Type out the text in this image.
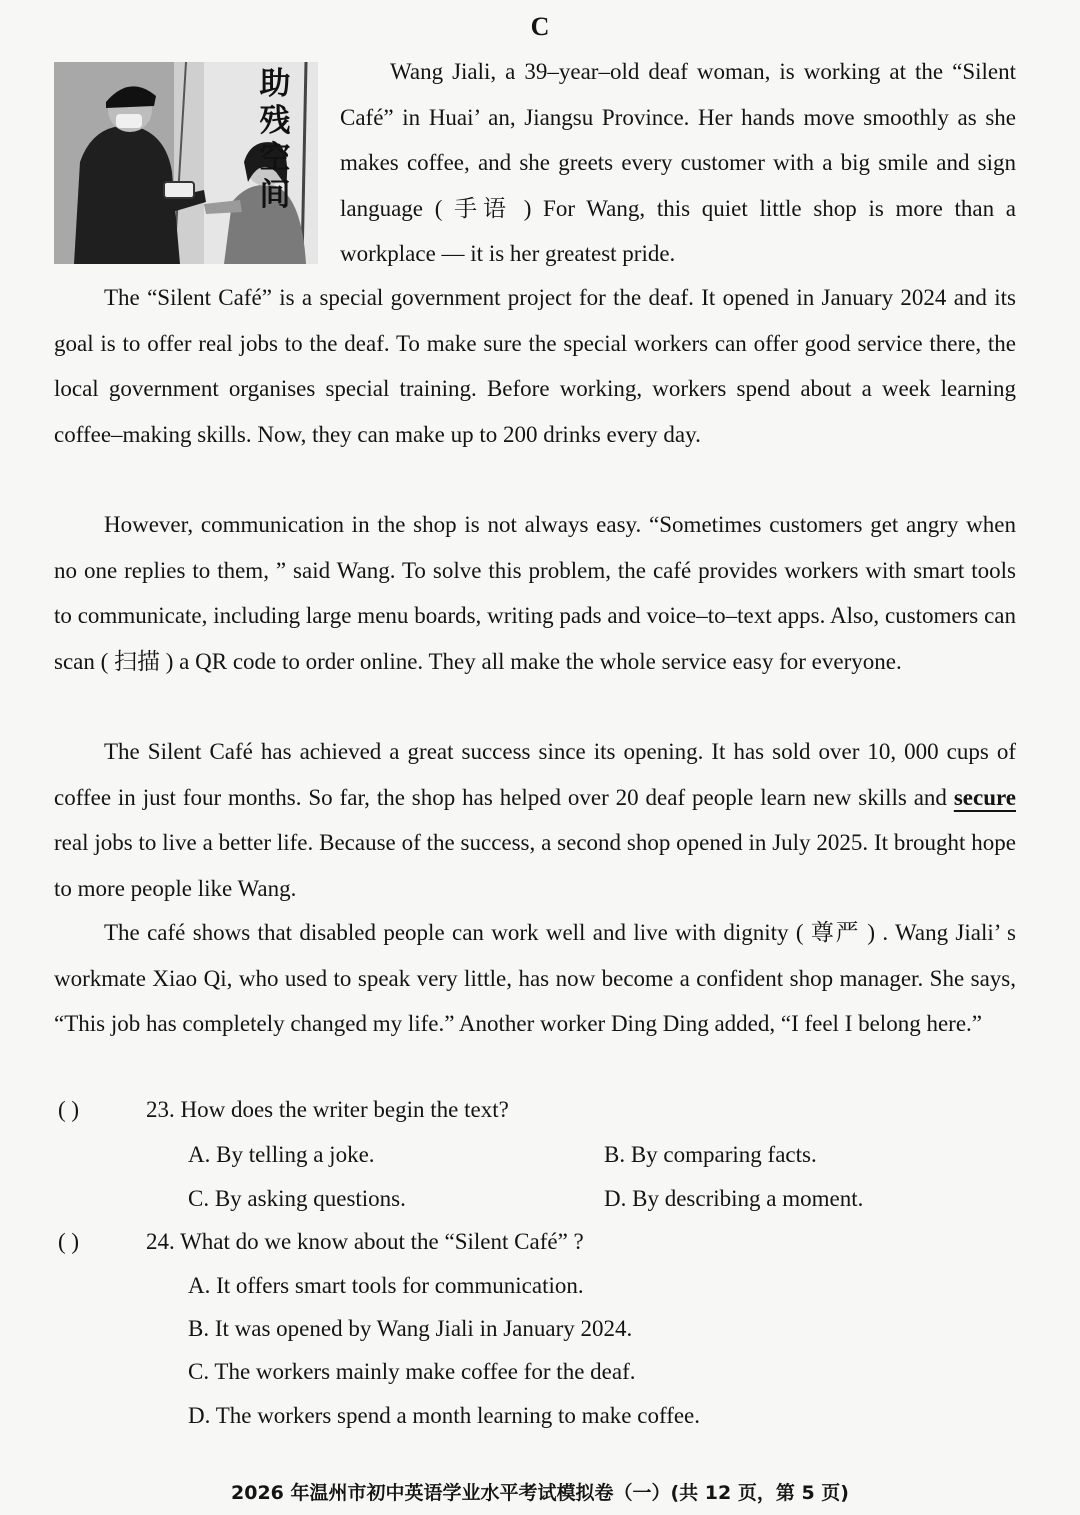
C
助残空间

Wang Jiali, a 39–year–old deaf woman, is working at the “Silent Café” in Huai’ an, Jiangsu Province. Her hands move smoothly as she makes coffee, and she greets every customer with a big smile and sign language ( 手语 ) For Wang, this quiet little shop is more than a workplace — it is her greatest pride.

The “Silent Café” is a special government project for the deaf. It opened in January 2024 and its goal is to offer real jobs to the deaf. To make sure the special workers can offer good service there, the local government organises special training. Before working, workers spend about a week learning coffee–making skills. Now, they can make up to 200 drinks every day.

However, communication in the shop is not always easy. “Sometimes customers get angry when no one replies to them, ” said Wang. To solve this problem, the café provides workers with smart tools to communicate, including large menu boards, writing pads and voice–to–text apps. Also, customers can scan ( 扫描 ) a QR code to order online. They all make the whole service easy for everyone.

The Silent Café has achieved a great success since its opening. It has sold over 10, 000 cups of coffee in just four months. So far, the shop has helped over 20 deaf people learn new skills and secure real jobs to live a better life. Because of the success, a second shop opened in July 2025. It brought hope to more people like Wang.

The café shows that disabled people can work well and live with dignity ( 尊严 ) . Wang Jiali’ s workmate Xiao Qi, who used to speak very little, has now become a confident shop manager. She says, “This job has completely changed my life.” Another worker Ding Ding added, “I feel I belong here.”

( )	23. How does the writer begin the text?
A. By telling a joke.	B. By comparing facts.
C. By asking questions.	D. By describing a moment.
( )	24. What do we know about the “Silent Café” ?
A. It offers smart tools for communication.
B. It was opened by Wang Jiali in January 2024.
C. The workers mainly make coffee for the deaf.
D. The workers spend a month learning to make coffee.
2026 年温州市初中英语学业水平考试模拟卷（一）(共 12 页，第 5 页)
